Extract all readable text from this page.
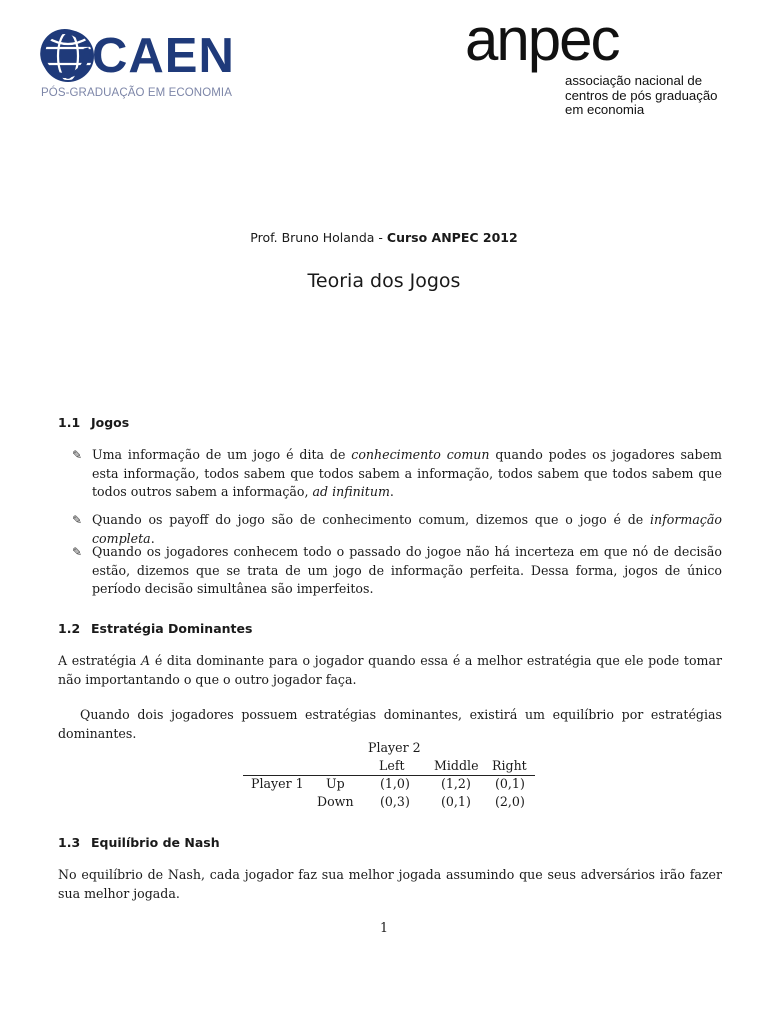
CAEN
PÓS-GRADUAÇÃO EM ECONOMIA
anpec
associação nacional de
centros de pós graduação
em economia
Prof. Bruno Holanda - Curso ANPEC 2012
Teoria dos Jogos
1.1 Jogos
✎ Uma informação de um jogo é dita de conhecimento comun quando podes os jogadores sabem esta informação, todos sabem que todos sabem a informação, todos sabem que todos sabem que todos outros sabem a informação, ad infinitum.
✎ Quando os payoff do jogo são de conhecimento comum, dizemos que o jogo é de informação completa.
✎ Quando os jogadores conhecem todo o passado do jogoe não há incerteza em que nó de decisão estão, dizemos que se trata de um jogo de informação perfeita. Dessa forma, jogos de único período decisão simultânea são imperfeitos.
1.2 Estratégia Dominantes
A estratégia A é dita dominante para o jogador quando essa é a melhor estratégia que ele pode tomar não importantando o que o outro jogador faça.
Quando dois jogadores possuem estratégias dominantes, existirá um equilíbrio por estratégias dominantes.
Player 2
Left Middle Right
Player 1 Up	(1,0) (1,2) (0,1)
Down (0,3) (0,1) (2,0)
1.3 Equilíbrio de Nash
No equilíbrio de Nash, cada jogador faz sua melhor jogada assumindo que seus adversários irão fazer sua melhor jogada.
1
